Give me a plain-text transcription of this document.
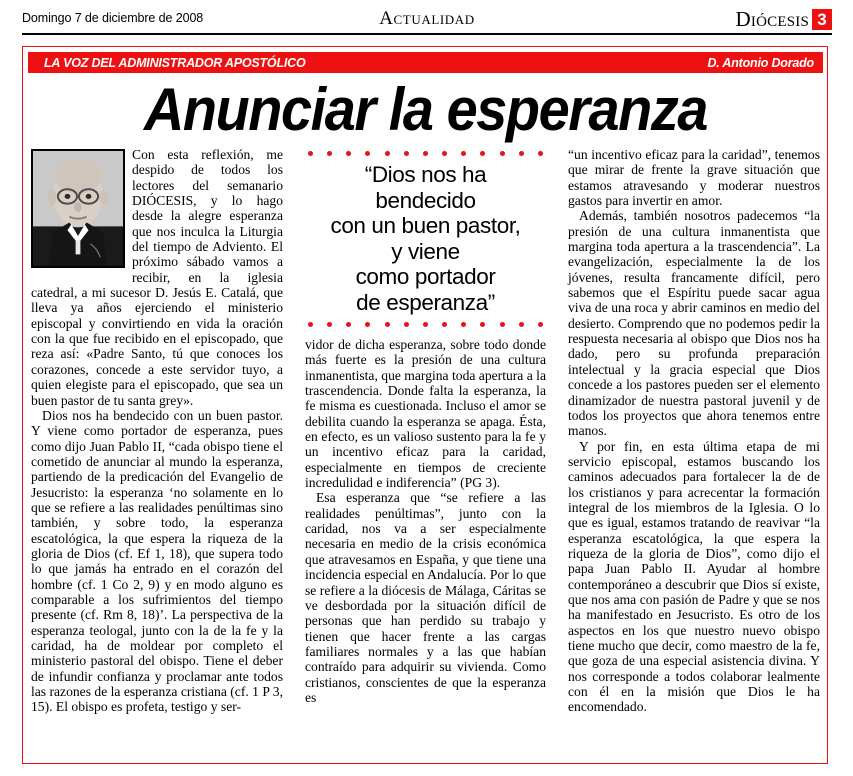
Actualidad
Domingo 7 de diciembre de 2008	Diócesis 3
LA VOZ DEL ADMINISTRADOR APOSTÓLICO	D. Antonio Dorado
Anunciar la esperanza

Con esta reflexión, me despido de todos los lectores del semanario DIÓCESIS, y lo hago desde la alegre esperanza que nos inculca la Liturgia del tiempo de Adviento. El próximo sábado vamos a recibir, en la iglesia catedral, a mi sucesor D. Jesús E. Catalá, que lleva ya años ejerciendo el ministerio episcopal y convirtiendo en vida la oración con la que fue recibido en el episcopado, que reza así: «Padre Santo, tú que conoces los corazones, concede a este servidor tuyo, a quien elegiste para el episcopado, que sea un buen pastor de tu santa grey».

Dios nos ha bendecido con un buen pastor. Y viene como portador de esperanza, pues como dijo Juan Pablo II, “cada obispo tiene el cometido de anunciar al mundo la esperanza, partiendo de la predicación del Evangelio de Jesucristo: la esperanza ‘no solamente en lo que se refiere a las realidades penúltimas sino también, y sobre todo, la esperanza escatológica, la que espera la riqueza de la gloria de Dios (cf. Ef 1, 18), que supera todo lo que jamás ha entrado en el corazón del hombre (cf. 1 Co 2, 9) y en modo alguno es comparable a los sufrimientos del tiempo presente (cf. Rm 8, 18)’. La perspectiva de la esperanza teologal, junto con la de la fe y la caridad, ha de moldear por completo el ministerio pastoral del obispo. Tiene el deber de infundir confianza y proclamar ante todos las razones de la esperanza cristiana (cf. 1 P 3, 15). El obispo es profeta, testigo y ser-

“Dios nos ha
bendecido
con un buen pastor,
y viene
como portador
de esperanza”

vidor de dicha esperanza, sobre todo donde más fuerte es la presión de una cultura inmanentista, que margina toda apertura a la trascendencia. Donde falta la esperanza, la fe misma es cuestionada. Incluso el amor se debilita cuando la esperanza se apaga. Ésta, en efecto, es un valioso sustento para la fe y un incentivo eficaz para la caridad, especialmente en tiempos de creciente incredulidad e indiferencia” (PG 3).

Esa esperanza que “se refiere a las realidades penúltimas”, junto con la caridad, nos va a ser especialmente necesaria en medio de la crisis económica que atravesamos en España, y que tiene una incidencia especial en Andalucía. Por lo que se refiere a la diócesis de Málaga, Cáritas se ve desbordada por la situación difícil de personas que han perdido su trabajo y tienen que hacer frente a las cargas familiares normales y a las que habían contraído para adquirir su vivienda. Como cristianos, conscientes de que la esperanza es

“un incentivo eficaz para la caridad”, tenemos que mirar de frente la grave situación que estamos atravesando y moderar nuestros gastos para invertir en amor.

Además, también nosotros padecemos “la presión de una cultura inmanentista que margina toda apertura a la trascendencia”. La evangelización, especialmente la de los jóvenes, resulta francamente difícil, pero sabemos que el Espíritu puede sacar agua viva de una roca y abrir caminos en medio del desierto. Comprendo que no podemos pedir la respuesta necesaria al obispo que Dios nos ha dado, pero su profunda preparación intelectual y la gracia especial que Dios concede a los pastores pueden ser el elemento dinamizador de nuestra pastoral juvenil y de todos los proyectos que ahora tenemos entre manos.

Y por fin, en esta última etapa de mi servicio episcopal, estamos buscando los caminos adecuados para fortalecer la de de los cristianos y para acrecentar la formación integral de los miembros de la Iglesia. O lo que es igual, estamos tratando de reavivar “la esperanza escatológica, la que espera la riqueza de la gloria de Dios”, como dijo el papa Juan Pablo II. Ayudar al hombre contemporáneo a descubrir que Dios sí existe, que nos ama con pasión de Padre y que se nos ha manifestado en Jesucristo. Es otro de los aspectos en los que nuestro nuevo obispo tiene mucho que decir, como maestro de la fe, que goza de una especial asistencia divina. Y nos corresponde a todos colaborar lealmente con él en la misión que Dios le ha encomendado.
